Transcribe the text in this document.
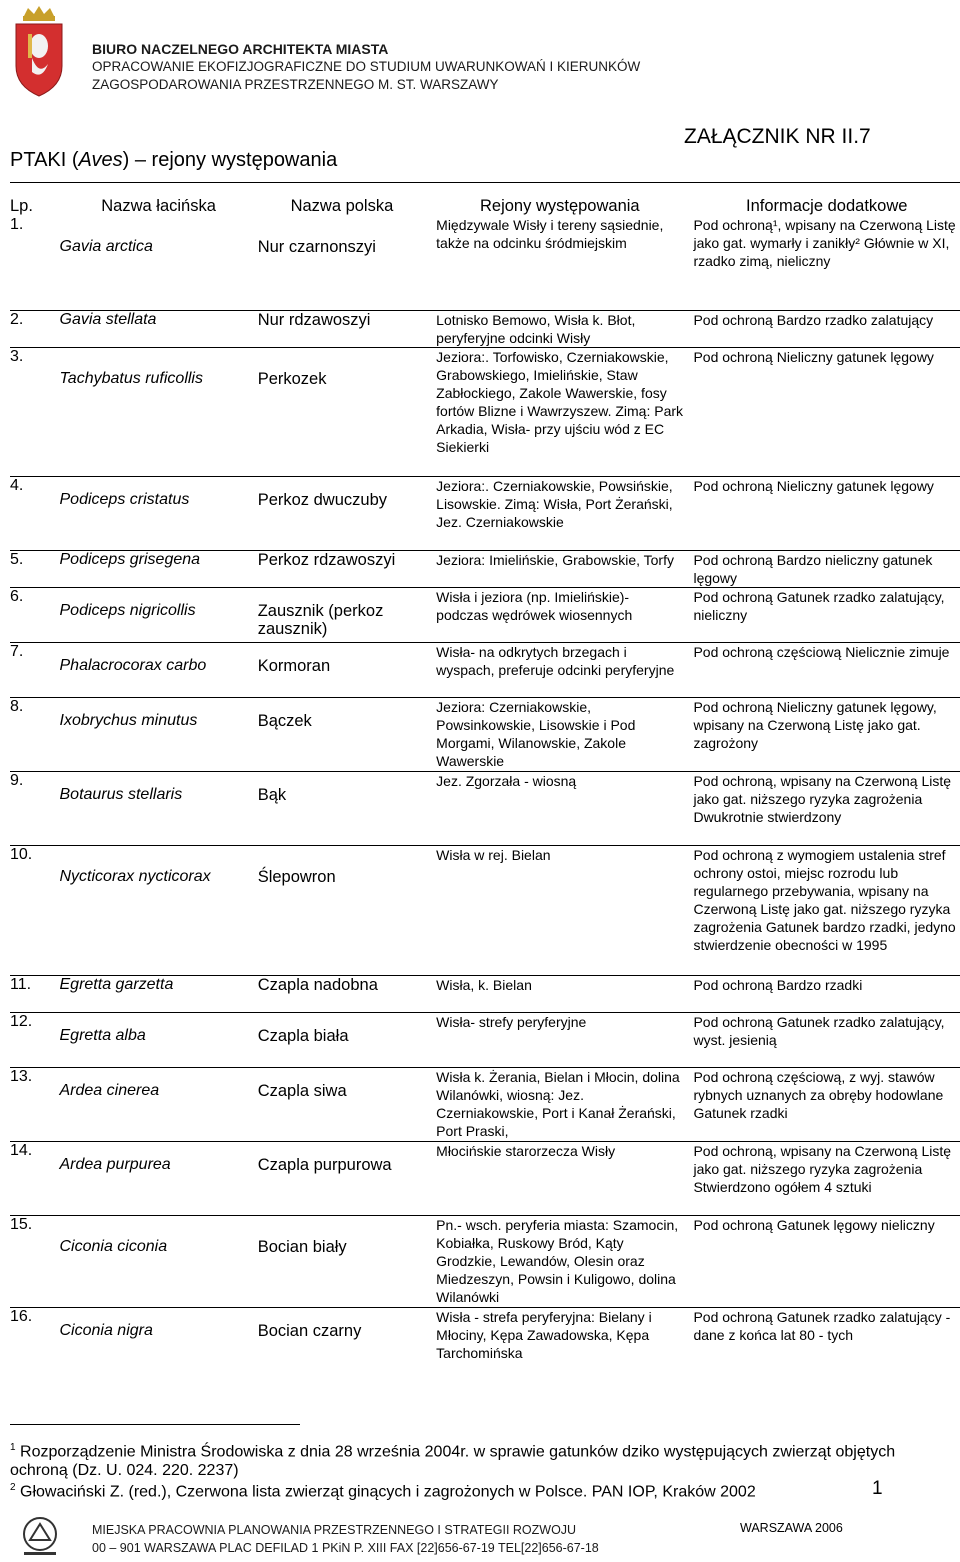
BIURO NACZELNEGO ARCHITEKTA MIASTA
OPRACOWANIE EKOFIZJOGRAFICZNE DO STUDIUM UWARUNKOWAŃ I KIERUNKÓW
ZAGOSPODAROWANIA PRZESTRZENNEGO M. ST. WARSZAWY
ZAŁĄCZNIK NR II.7
PTAKI (Aves) – rejony występowania
Lp.	Nazwa łacińska	Nazwa polska	Rejony występowania	Informacje dodatkowe
1.	Gavia arctica	Nur czarnonszyi	Międzywale Wisły i tereny sąsiednie, także na odcinku śródmiejskim	Pod ochroną¹, wpisany na Czerwoną Listę jako gat. wymarły i zanikły² Głównie w XI, rzadko zimą, nieliczny
2.	Gavia stellata	Nur rdzawoszyi	Lotnisko Bemowo, Wisła k. Błot, peryferyjne odcinki Wisły	Pod ochroną Bardzo rzadko zalatujący
3.	Tachybatus ruficollis	Perkozek	Jeziora:. Torfowisko, Czerniakowskie, Grabowskiego, Imielińskie, Staw Zabłockiego, Zakole Wawerskie, fosy fortów Blizne i Wawrzyszew. Zimą: Park Arkadia, Wisła- przy ujściu wód z EC Siekierki	Pod ochroną Nieliczny gatunek lęgowy
4.	Podiceps cristatus	Perkoz dwuczuby	Jeziora:. Czerniakowskie, Powsińskie, Lisowskie. Zimą: Wisła, Port Żerański, Jez. Czerniakowskie	Pod ochroną Nieliczny gatunek lęgowy
5.	Podiceps grisegena	Perkoz rdzawoszyi	Jeziora: Imielińskie, Grabowskie, Torfy	Pod ochroną Bardzo nieliczny gatunek lęgowy
6.	Podiceps nigricollis	Zausznik (perkoz zausznik)	Wisła i jeziora (np. Imielińskie)- podczas wędrówek wiosennych	Pod ochroną Gatunek rzadko zalatujący, nieliczny
7.	Phalacrocorax carbo	Kormoran	Wisła- na odkrytych brzegach i wyspach, preferuje odcinki peryferyjne	Pod ochroną częściową Nielicznie zimuje
8.	Ixobrychus minutus	Bączek	Jeziora: Czerniakowskie, Powsinkowskie, Lisowskie i Pod Morgami, Wilanowskie, Zakole Wawerskie	Pod ochroną Nieliczny gatunek lęgowy, wpisany na Czerwoną Listę jako gat. zagrożony
9.	Botaurus stellaris	Bąk	Jez. Zgorzała - wiosną	Pod ochroną, wpisany na Czerwoną Listę jako gat. niższego ryzyka zagrożenia Dwukrotnie stwierdzony
10.	Nycticorax nycticorax	Ślepowron	Wisła w rej. Bielan	Pod ochroną z wymogiem ustalenia stref ochrony ostoi, miejsc rozrodu lub regularnego przebywania, wpisany na Czerwoną Listę jako gat. niższego ryzyka zagrożenia Gatunek bardzo rzadki, jedyno stwierdzenie obecności w 1995
11.	Egretta garzetta	Czapla nadobna	Wisła, k. Bielan	Pod ochroną Bardzo rzadki
12.	Egretta alba	Czapla biała	Wisła- strefy peryferyjne	Pod ochroną Gatunek rzadko zalatujący, wyst. jesienią
13.	Ardea cinerea	Czapla siwa	Wisła k. Żerania, Bielan i Młocin, dolina Wilanówki, wiosną: Jez. Czerniakowskie, Port i Kanał Żerański, Port Praski,	Pod ochroną częściową, z wyj. stawów rybnych uznanych za obręby hodowlane Gatunek rzadki
14.	Ardea purpurea	Czapla purpurowa	Młocińskie starorzecza Wisły	Pod ochroną, wpisany na Czerwoną Listę jako gat. niższego ryzyka zagrożenia Stwierdzono ogółem 4 sztuki
15.	Ciconia ciconia	Bocian biały	Pn.- wsch. peryferia miasta: Szamocin, Kobiałka, Ruskowy Bród, Kąty Grodzkie, Lewandów, Olesin oraz Miedzeszyn, Powsin i Kuligowo, dolina Wilanówki	Pod ochroną Gatunek lęgowy nieliczny
16.	Ciconia nigra	Bocian czarny	Wisła - strefa peryferyjna: Bielany i Młociny, Kępa Zawadowska, Kępa Tarchomińska	Pod ochroną Gatunek rzadko zalatujący - dane z końca lat 80 - tych
$^1$ Rozporządzenie Ministra Środowiska z dnia 28 września 2004r. w sprawie gatunków dziko występujących zwierząt objętych ochroną (Dz. U. 024. 220. 2237)
$^2$ Głowaciński Z. (red.), Czerwona lista zwierząt ginących i zagrożonych w Polsce. PAN IOP, Kraków 2002	1
MIEJSKA PRACOWNIA PLANOWANIA PRZESTRZENNEGO I STRATEGII ROZWOJU
00 – 901 WARSZAWA PLAC DEFILAD 1 PKiN P. XIII FAX [22]656-67-19 TEL[22]656-67-18
WARSZAWA 2006
